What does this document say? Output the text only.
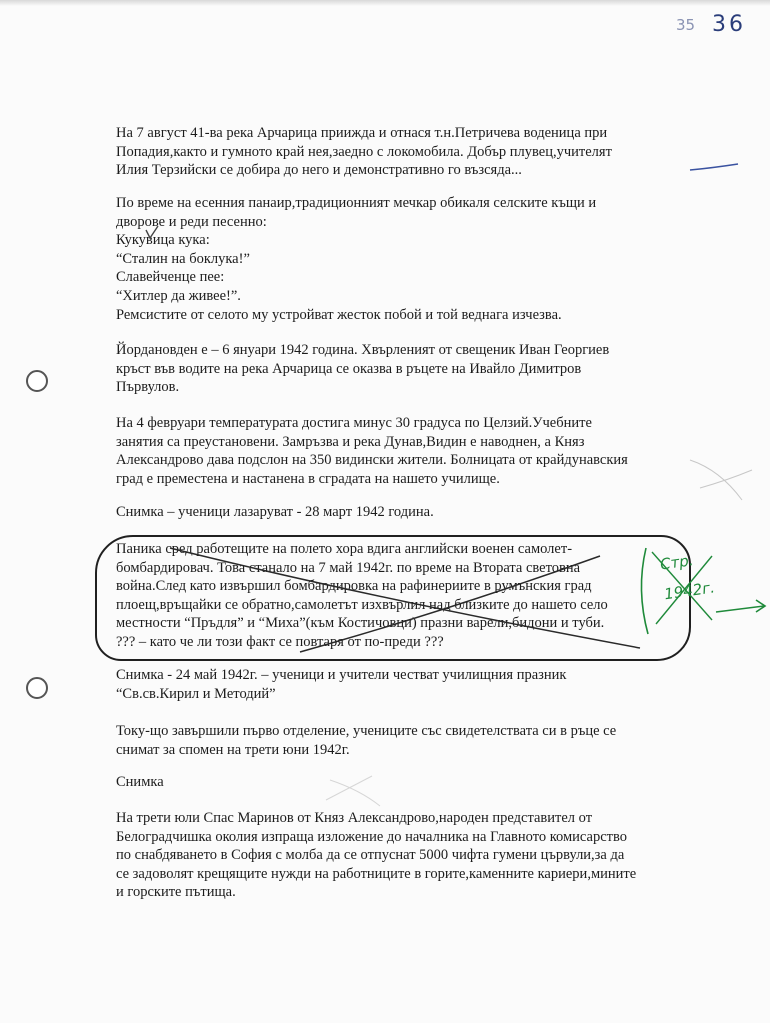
35 36

На 7 август 41-ва река Арчарица прииждa и отнася т.н.Петричева воденица при
Попадия,както и гумното край нея,заедно с локомобила. Добър плувец,учителят
Илия Терзийски се добира до него и демонстративно го възсяда...

По време на есенния панаир,традиционният мечкар обикаля селските къщи и
дворове и реди песенно:
Кукувица кука:
“Сталин на боклука!”
Славейченце пее:
“Хитлер да живее!”.
Ремсистите от селото му устройват жесток побой и той веднага изчезва.

Йордановден е – 6 януари 1942 година. Хвърленият от свещеник Иван Георгиев
кръст във водите на река Арчарица се оказва в ръцете на Ивайло Димитров
Първулов.

На 4 февруари температурата достига минус 30 градуса по Целзий.Учебните
занятия са преустановени. Замръзва и река Дунав,Видин е наводнен, а Княз
Александрово дава подслон на 350 видински жители. Болницата от крайдунавския
град е преместена и настанена в сградата на нашето училище.

Снимка – ученици лазаруват - 28 март 1942 година.

Паника сред работещите на полето хора вдига английски военен самолет-
бомбардировач. Това станало на 7 май 1942г. по време на Втората световна
война.След като извършил бомбардировка на рафинериите в румънския град
плоещ,връщайки се обратно,самолетът изхвърлил над близките до нашето село
местности “Пръдля” и “Миха”(към Костичовци) празни варели,бидони и туби.
??? – като че ли този факт се повтаря от по-преди ???

Снимка - 24 май 1942г. – ученици и учители честват училищния празник
“Св.св.Кирил и Методий”

Току-що завършили първо отделение, учениците със свидетелствата си в ръце се
снимат за спомен на трети юни 1942г.

Снимка

На трети юли Спас Маринов от Княз Александрово,народен представител от
Белоградчишка околия изпраща изложение до началника на Главното комисарство
по снабдяването в София с молба да се отпуснат 5000 чифта гумени цървули,за да
се задоволят крещящите нужди на работниците в горите,каменните кариери,мините
и горските пътища.

Стр.
1942г.
